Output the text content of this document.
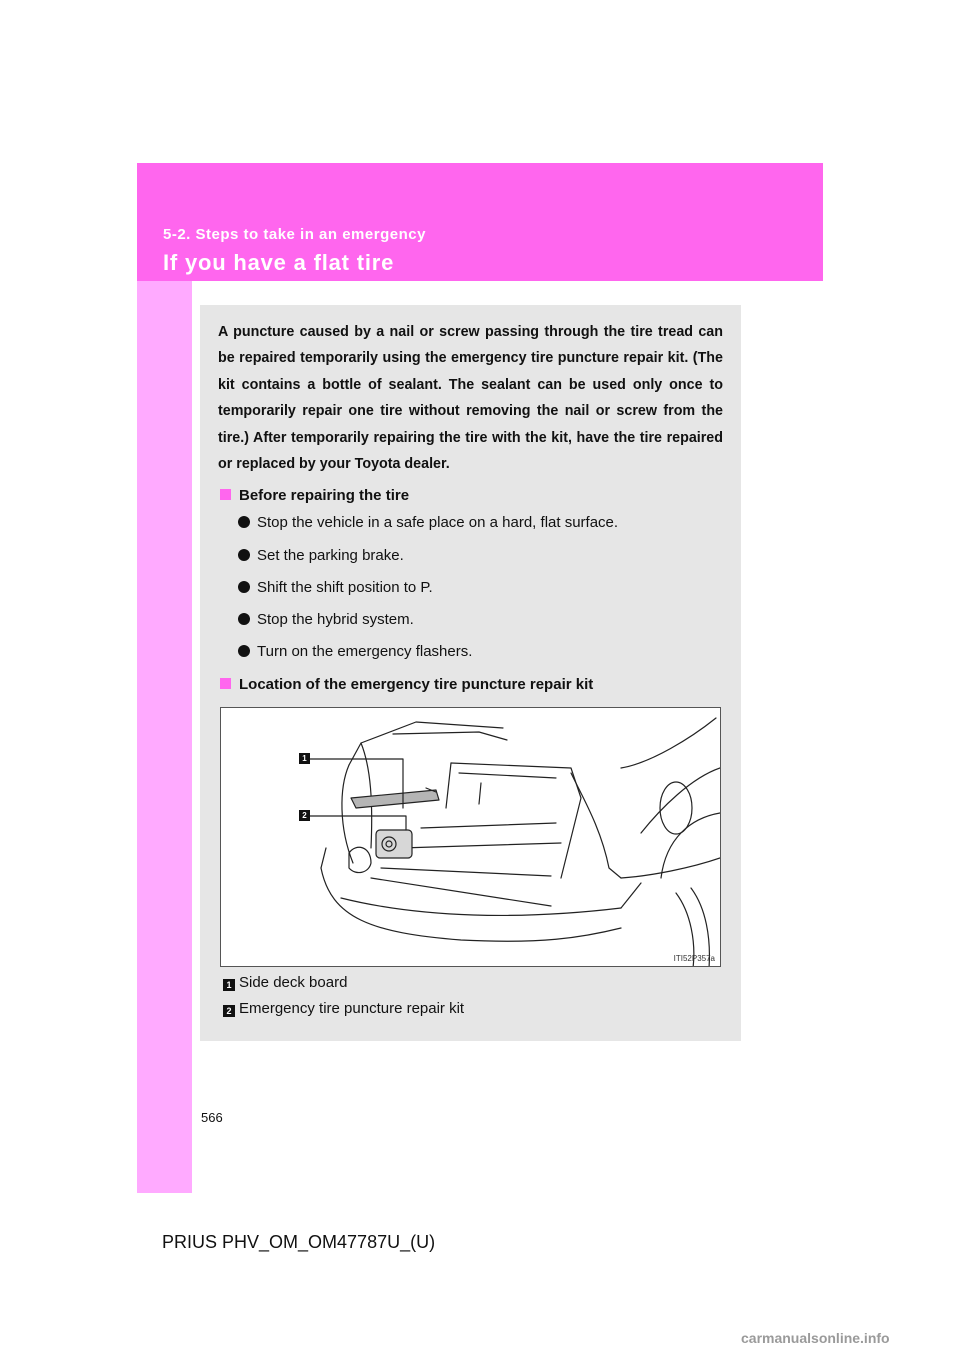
5-2. Steps to take in an emergency
If you have a flat tire

A puncture caused by a nail or screw passing through the tire tread can be repaired temporarily using the emergency tire puncture repair kit. (The kit contains a bottle of sealant. The sealant can be used only once to temporarily repair one tire without removing the nail or screw from the tire.) After temporarily repairing the tire with the kit, have the tire repaired or replaced by your Toyota dealer.

Before repairing the tire
Stop the vehicle in a safe place on a hard, flat surface.
Set the parking brake.
Shift the shift position to P.
Stop the hybrid system.
Turn on the emergency flashers.
Location of the emergency tire puncture repair kit
1
2
ITI52P357a
1 Side deck board
2 Emergency tire puncture repair kit
566
PRIUS PHV_OM_OM47787U_(U)
carmanualsonline.info
